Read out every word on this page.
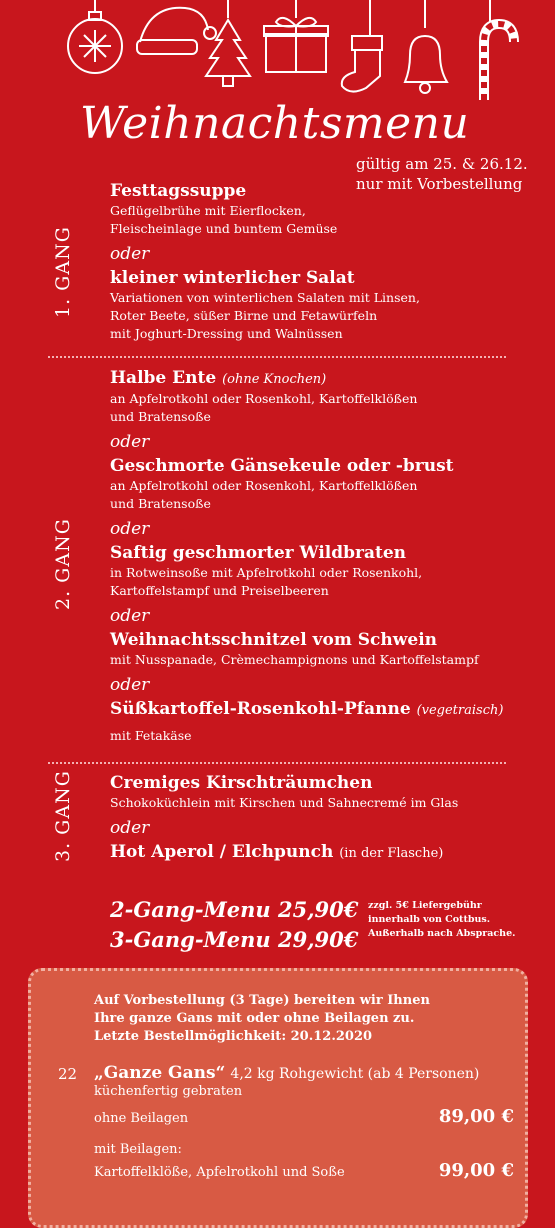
Weihnachtsmenu
gültig am 25. & 26.12.
nur mit Vorbestellung
1. GANG
Festtagssuppe
Geflügelbrühe mit Eierflocken,
Fleischeinlage und buntem Gemüse
oder
kleiner winterlicher Salat
Variationen von winterlichen Salaten mit Linsen,
Roter Beete, süßer Birne und Fetawürfeln
mit Joghurt-Dressing und Walnüssen
2. GANG
Halbe Ente (ohne Knochen)
an Apfelrotkohl oder Rosenkohl, Kartoffelklößen
und Bratensoße
oder
Geschmorte Gänsekeule oder -brust
an Apfelrotkohl oder Rosenkohl, Kartoffelklößen
und Bratensoße
oder
Saftig geschmorter Wildbraten
in Rotweinsoße mit Apfelrotkohl oder Rosenkohl,
Kartoffelstampf und Preiselbeeren
oder
Weihnachtsschnitzel vom Schwein
mit Nusspanade, Crèmechampignons und Kartoffelstampf
oder
Süßkartoffel-Rosenkohl-Pfanne (vegetraisch)
mit Fetakäse
3. GANG Cremiges Kirschträumchen
Schokoküchlein mit Kirschen und Sahnecremé im Glas
oder
Hot Aperol / Elchpunch (in der Flasche)
2-Gang-Menu 25,90€
3-Gang-Menu 29,90€
zzgl. 5€ Liefergebühr
innerhalb von Cottbus.
Außerhalb nach Absprache.
Auf Vorbestellung (3 Tage) bereiten wir Ihnen
Ihre ganze Gans mit oder ohne Beilagen zu.
Letzte Bestellmöglichkeit: 20.12.2020
22 „Ganze Gans“ 4,2 kg Rohgewicht (ab 4 Personen)
küchenfertig gebraten
ohne Beilagen	89,00 €
mit Beilagen:
Kartoffelklöße, Apfelrotkohl und Soße	99,00 €
